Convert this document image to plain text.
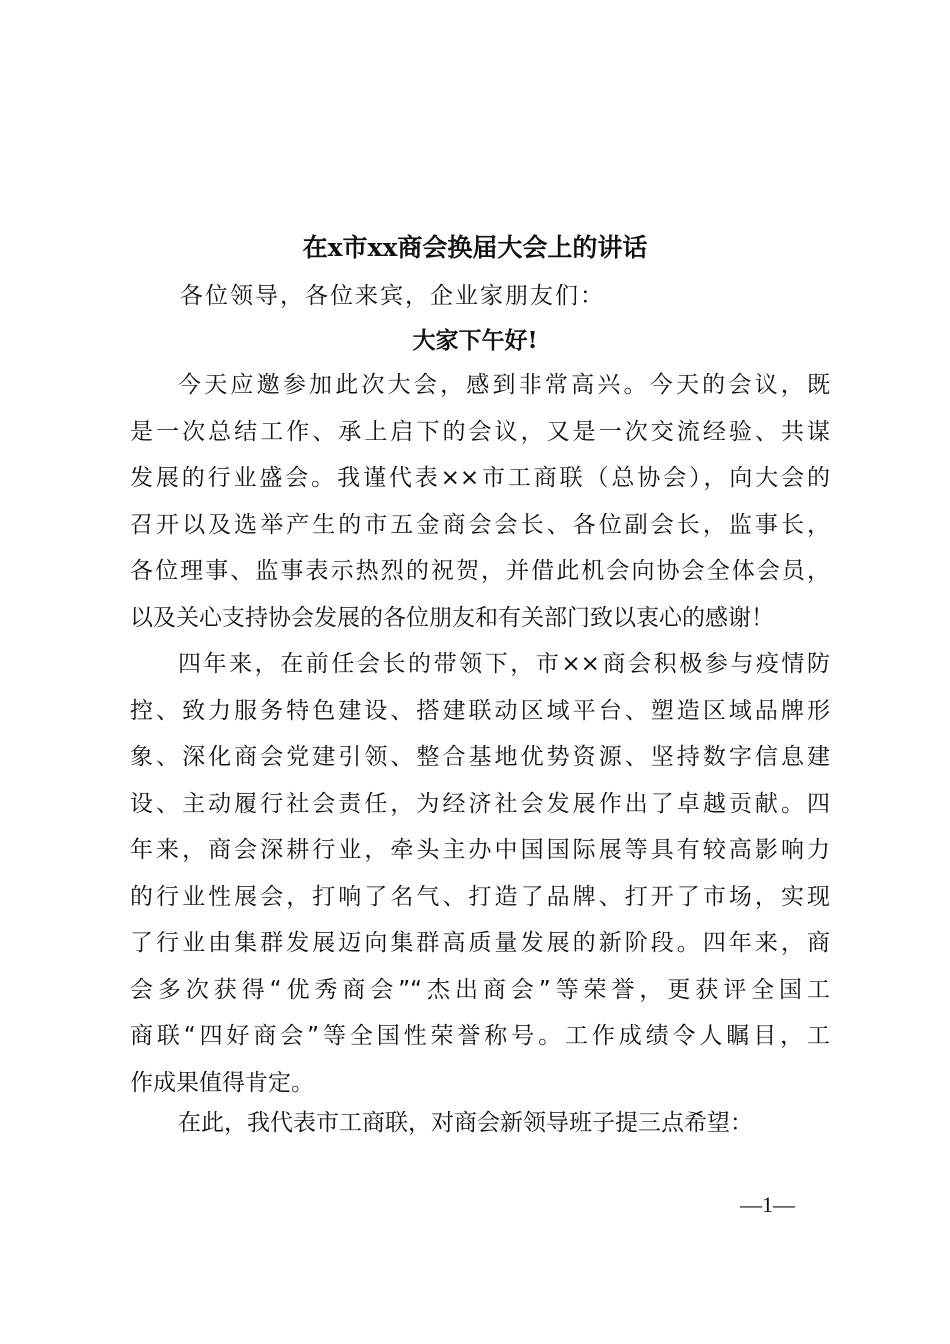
在x市xx商会换届大会上的讲话
各位领导，各位来宾，企业家朋友们：
大家下午好!
今天应邀参加此次大会，感到非常高兴。今天的会议，既
是一次总结工作、承上启下的会议，又是一次交流经验、共谋
发展的行业盛会。我谨代表××市工商联（总协会），向大会的
召开以及选举产生的市五金商会会长、各位副会长，监事长，
各位理事、监事表示热烈的祝贺，并借此机会向协会全体会员，
以及关心支持协会发展的各位朋友和有关部门致以衷心的感谢！
四年来，在前任会长的带领下，市××商会积极参与疫情防
控、致力服务特色建设、搭建联动区域平台、塑造区域品牌形
象、深化商会党建引领、整合基地优势资源、坚持数字信息建
设、主动履行社会责任，为经济社会发展作出了卓越贡献。四
年来，商会深耕行业，牵头主办中国国际展等具有较高影响力
的行业性展会，打响了名气、打造了品牌、打开了市场，实现
了行业由集群发展迈向集群高质量发展的新阶段。四年来，商
会多次获得“优秀商会”“杰出商会”等荣誉，更获评全国工
商联“四好商会”等全国性荣誉称号。工作成绩令人瞩目，工
作成果值得肯定。
在此，我代表市工商联，对商会新领导班子提三点希望：
—1—
